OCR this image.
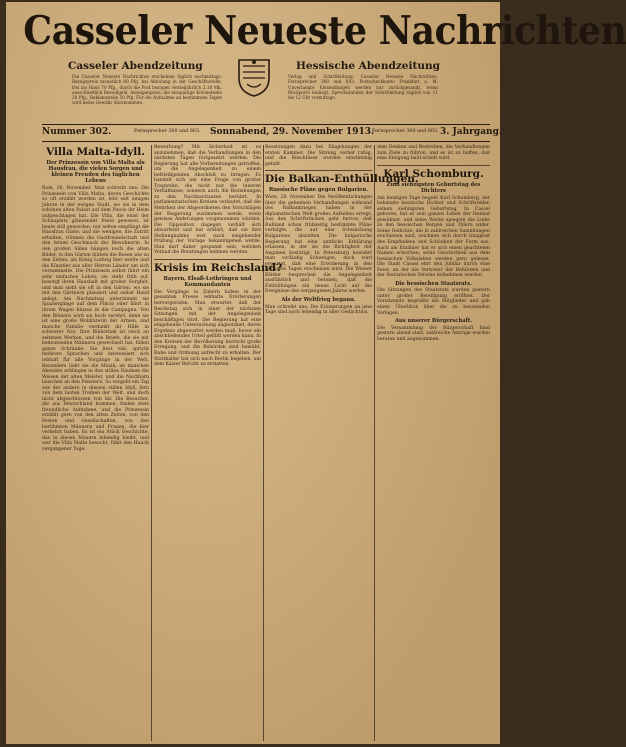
Casseler Neueste Nachrichten
Casseler Abendzeitung	Hessische Abendzeitung
Die Casseler Neueste Nachrichten erscheinen täglich nachmittags. Bezugspreis monatlich 60 Pfg. bei Abholung in der Geschäftsstelle, frei ins Haus 70 Pfg., durch die Post bezogen vierteljährlich 2,10 Mk. ausschließlich Bestellgeld. Anzeigenpreis: die einspaltige Kolonelzeile 20 Pfg., Reklamezeile 50 Pfg. Für die Aufnahme an bestimmten Tagen wird keine Gewähr übernommen.
Verlag und Schriftleitung: Casseler Neueste Nachrichten. Fernsprecher 360 und 603. Postscheckkonto Frankfurt a. M. Unverlangte Einsendungen werden nur zurückgesandt, wenn Rückporto beiliegt. Sprechstunden der Schriftleitung täglich von 11 bis 12 Uhr vormittags.
Nummer 302.	Fernsprecher 360 und 603. Sonnabend, 29. November 1913.
Fernsprecher 360 und 603. 3. Jahrgang.
Villa Malta-Idyll.
Der Prinzessin von Villa Malta als Hausfrau, die vielen Sorgen und kleinen Freuden des täglichen Lebens
Rom, 26. November. Man schreibt uns: Die Prinzessin von Villa Malta, deren Geschichte so oft erzählt worden ist, lebt seit einigen Jahren in der ewigen Stadt, wo sie in dem schönen alten Palast auf dem Pincio ihr Heim aufgeschlagen hat. Die Villa, die einst der Schauplatz glänzender Feste gewesen, ist heute still geworden; nur selten empfängt die Hausfrau Gäste, und die wenigen, die Zutritt erhalten, rühmen die Gastfreundschaft und den feinen Geschmack der Bewohnerin. In den großen Sälen hängen noch die alten Bilder, in den Gärten blühen die Rosen wie zu den Zeiten, als König Ludwig hier weilte und die Künstler aus aller Herren Länder um sich versammelte. Die Prinzessin selbst führt ein sehr einfaches Leben; sie steht früh auf, besorgt ihren Haushalt mit großer Sorgfalt, und man sieht sie oft in den Gärten, wo sie mit den Gärtnern plaudert und selbst Hand anlegt. Am Nachmittag unternimmt sie Spaziergänge auf dem Pincio oder fährt in ihrem Wagen hinaus in die Campagna. Von den Römern wird sie hoch verehrt, denn sie ist eine große Wohltäterin der Armen, und manche Familie verdankt ihr Hilfe in schwerer Not. Ihre Bibliothek ist reich an seltenen Werken, und die Briefe, die sie mit bedeutenden Männern gewechselt hat, füllen ganze Schränke. Sie liest viel, spricht mehrere Sprachen und interessiert sich lebhaft für alle Vorgänge in der Welt. Besonders liebt sie die Musik; an manchen Abenden erklingen in den stillen Räumen die Weisen der alten Meister, und die Nachbarn lauschen an den Fenstern. So vergeht ein Tag wie der andere in diesem stillen Idyll, fern von dem lauten Treiben der Welt, und doch nicht abgeschlossen von ihr. Die Besucher, die aus Deutschland kommen, finden stets freundliche Aufnahme, und die Prinzessin erzählt gern von den alten Zeiten, von den Festen und Gesellschaften, von den berühmten Männern und Frauen, die hier verkehrt haben. Es ist ein Stück Geschichte, das in diesen Mauern lebendig bleibt, und wer die Villa Malta besucht, fühlt den Hauch vergangener Tage.
Bewerbung? Mit Sicherheit ist es anzunehmen, daß die Verhandlungen in den nächsten Tagen fortgesetzt werden. Die Regierung hat alle Vorbereitungen getroffen, um die Angelegenheit zu einem befriedigenden Abschluß zu bringen. Es handelt sich um eine Frage von großer Tragweite, die nicht nur die inneren Verhältnisse, sondern auch die Beziehungen zu den Nachbarstaaten berührt. In parlamentarischen Kreisen verlautet, daß die Mehrheit der Abgeordneten den Vorschlägen der Regierung zustimmen werde, wenn gewisse Änderungen vorgenommen würden. Die Opposition dagegen verhält sich abwartend und hat erklärt, daß sie ihre Stellungnahme erst nach eingehender Prüfung der Vorlage bekanntgeben werde. Man darf daher gespannt sein, welchen Verlauf die Beratungen nehmen werden.
Krisis im Reichsland?
Bayern, Elsaß-Lothringen und Kommandanten
Die Vorgänge in Zabern haben in der gesamten Presse lebhafte Erörterungen hervorgerufen. Man erwartet, daß der Reichstag sich in einer der nächsten Sitzungen mit der Angelegenheit beschäftigen wird. Die Regierung hat eine eingehende Untersuchung angeordnet, deren Ergebnis abgewartet werden muß, bevor ein abschließendes Urteil gefällt werden kann. In den Kreisen der Bevölkerung herrscht große Erregung, und die Behörden sind bemüht, Ruhe und Ordnung aufrecht zu erhalten. Der Statthalter hat sich nach Berlin begeben, um dem Kaiser Bericht zu erstatten.
Besetzungen dazu bei Eingehungen der ersten Kammer. Die Sitzung verlief ruhig, und die Beschlüsse wurden einstimmig gefaßt.
Die Balkan-Enthüllungen.
Russische Pläne gegen Bulgarien.
Wien, 28. November. Die Veröffentlichungen über die geheimen Verhandlungen während des Balkankrieges haben in der diplomatischen Welt großes Aufsehen erregt. Aus den Schriftstücken geht hervor, daß Rußland schon frühzeitig bestimmte Pläne verfolgte, die auf eine Schwächung Bulgariens abzielten. Die bulgarische Regierung hat eine amtliche Erklärung erlassen, in der sie die Richtigkeit der Angaben bestätigt. In Petersburg bewahrt man vorläufig Schweigen, doch wird erwartet, daß eine Erwiderung in den nächsten Tagen erscheinen wird. Die Wiener Blätter besprechen die Angelegenheit ausführlich und betonen, daß die Enthüllungen ein neues Licht auf die Ereignisse des vergangenen Jahres werfen.
Als der Weltfrieg begann.
Man schreibt uns: Die Erinnerungen an jene Tage sind noch lebendig in aller Gedächtnis.
dem Denken und Bestreben, die Verhandlungen zum Ziele zu führen, und es ist zu hoffen, daß eine Einigung bald erzielt wird.
Karl Schomburg.
Zum siebzigsten Geburtstag des Dichters
Am heutigen Tage begeht Karl Schomburg, der bekannte hessische Dichter und Schriftsteller, seinen siebzigsten Geburtstag. In Cassel geboren, hat er sein ganzes Leben der Heimat gewidmet, und seine Werke spiegeln die Liebe zu den hessischen Bergen und Tälern wider. Seine Gedichte, die in zahlreichen Sammlungen erschienen sind, zeichnen sich durch Innigkeit des Empfindens und Schönheit der Form aus. Auch als Erzähler hat er sich einen geachteten Namen erworben; seine Geschichten aus dem hessischen Volksleben werden gern gelesen. Die Stadt Cassel ehrt den Jubilar durch eine Feier, an der die Vertreter der Behörden und der literarischen Vereine teilnehmen werden.
Die hessischen Staatsrats.
Die Sitzungen des Staatsrats wurden gestern unter großer Beteiligung eröffnet. Der Vorsitzende begrüßte die Mitglieder und gab einen Überblick über die zu beratenden Vorlagen.
Aus unserer Bürgerschaft.
Die Versammlung der Bürgerschaft fand gestern abend statt; zahlreiche Anträge wurden beraten und angenommen.
